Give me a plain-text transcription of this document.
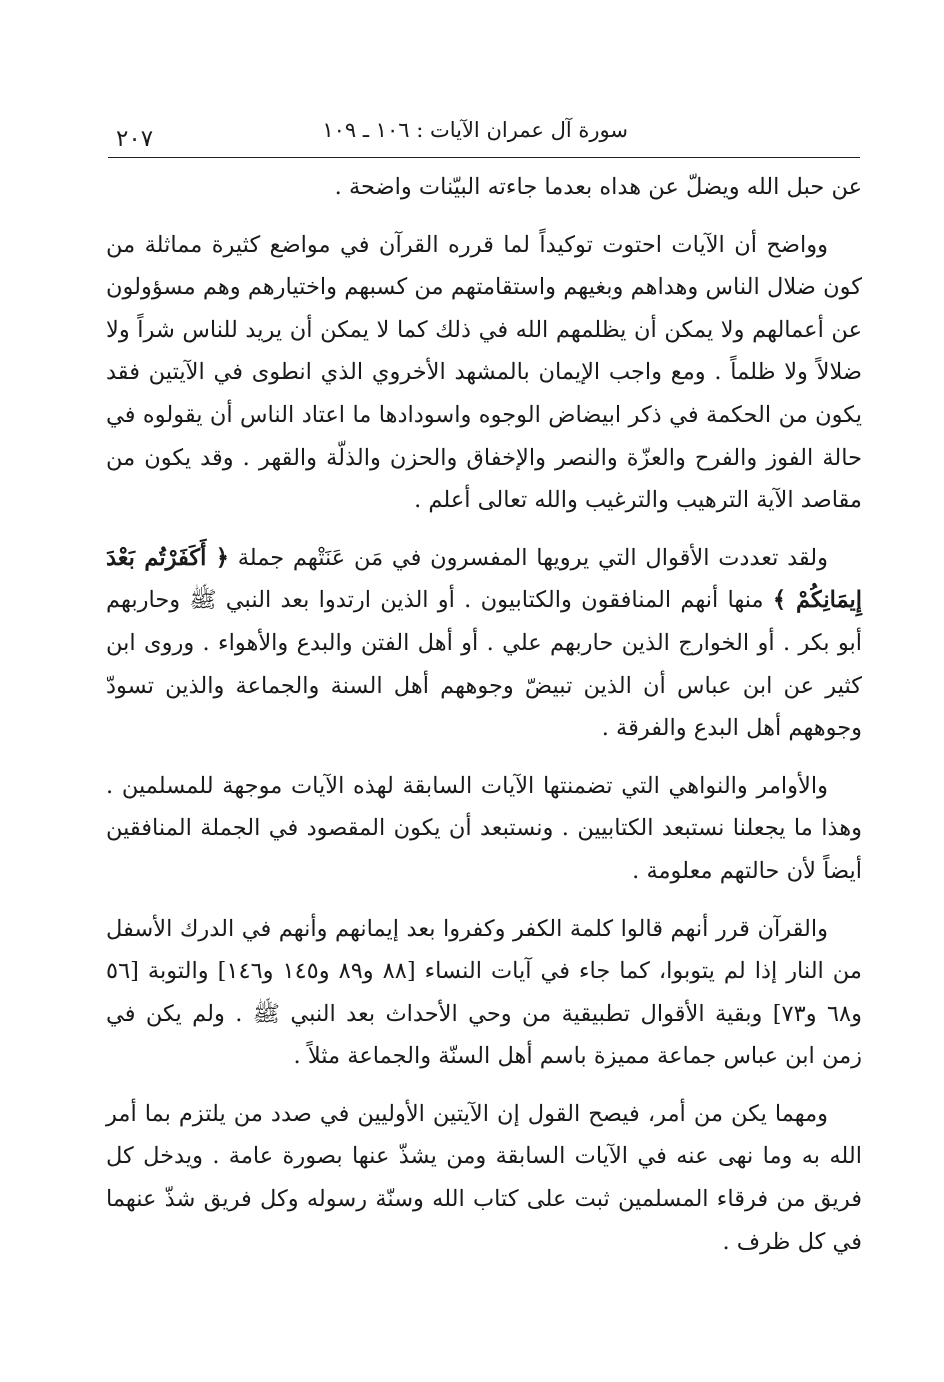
سورة آل عمران الآيات : ١٠٦ ـ ١٠٩
٢٠٧

عن حبل الله ويضلّ عن هداه بعدما جاءته البيّنات واضحة .

وواضح أن الآيات احتوت توكيداً لما قرره القرآن في مواضع كثيرة مماثلة من كون ضلال الناس وهداهم وبغيهم واستقامتهم من كسبهم واختيارهم وهم مسؤولون عن أعمالهم ولا يمكن أن يظلمهم الله في ذلك كما لا يمكن أن يريد للناس شراً ولا ضلالاً ولا ظلماً . ومع واجب الإيمان بالمشهد الأخروي الذي انطوى في الآيتين فقد يكون من الحكمة في ذكر ابيضاض الوجوه واسودادها ما اعتاد الناس أن يقولوه في حالة الفوز والفرح والعزّة والنصر والإخفاق والحزن والذلّة والقهر . وقد يكون من مقاصد الآية الترهيب والترغيب والله تعالى أعلم .

ولقد تعددت الأقوال التي يرويها المفسرون في مَن عَنَتْهم جملة ﴿ أَكَفَرْتُم بَعْدَ إِيمَانِكُمْ ﴾ منها أنهم المنافقون والكتابيون . أو الذين ارتدوا بعد النبي ﷺ وحاربهم أبو بكر . أو الخوارج الذين حاربهم علي . أو أهل الفتن والبدع والأهواء . وروى ابن كثير عن ابن عباس أن الذين تبيضّ وجوههم أهل السنة والجماعة والذين تسودّ وجوههم أهل البدع والفرقة .

والأوامر والنواهي التي تضمنتها الآيات السابقة لهذه الآيات موجهة للمسلمين . وهذا ما يجعلنا نستبعد الكتابيين . ونستبعد أن يكون المقصود في الجملة المنافقين أيضاً لأن حالتهم معلومة .

والقرآن قرر أنهم قالوا كلمة الكفر وكفروا بعد إيمانهم وأنهم في الدرك الأسفل من النار إذا لم يتوبوا، كما جاء في آيات النساء [٨٨ و٨٩ و١٤٥ و١٤٦] والتوبة [٥٦ و٦٨ و٧٣] وبقية الأقوال تطبيقية من وحي الأحداث بعد النبي ﷺ . ولم يكن في زمن ابن عباس جماعة مميزة باسم أهل السنّة والجماعة مثلاً .

ومهما يكن من أمر، فيصح القول إن الآيتين الأوليين في صدد من يلتزم بما أمر الله به وما نهى عنه في الآيات السابقة ومن يشذّ عنها بصورة عامة . ويدخل كل فريق من فرقاء المسلمين ثبت على كتاب الله وسنّة رسوله وكل فريق شذّ عنهما في كل ظرف .
